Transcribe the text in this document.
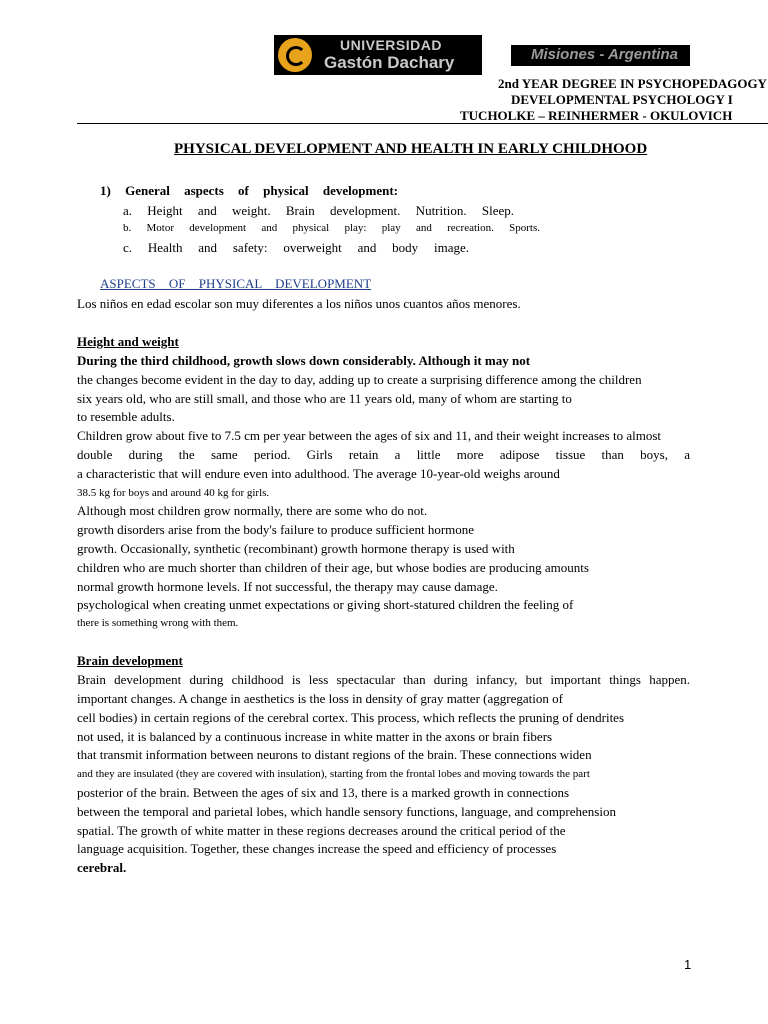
UNIVERSIDAD
Gastón Dachary	Misiones - Argentina
2nd YEAR DEGREE IN PSYCHOPEDAGOGY
DEVELOPMENTAL PSYCHOLOGY I
TUCHOLKE – REINHERMER - OKULOVICH
PHYSICAL DEVELOPMENT AND HEALTH IN EARLY CHILDHOOD
1) General aspects of physical development:
a. Height and weight. Brain development. Nutrition. Sleep.
b. Motor development and physical play: play and recreation. Sports.
c. Health and safety: overweight and body image.
ASPECTS OF PHYSICAL DEVELOPMENT
Los niños en edad escolar son muy diferentes a los niños unos cuantos años menores.
Height and weight
During the third childhood, growth slows down considerably. Although it may not
the changes become evident in the day to day, adding up to create a surprising difference among the children
six years old, who are still small, and those who are 11 years old, many of whom are starting to
to resemble adults.
Children grow about five to 7.5 cm per year between the ages of six and 11, and their weight increases to almost
double during the same period. Girls retain a little more adipose tissue than boys, a
a characteristic that will endure even into adulthood. The average 10-year-old weighs around
38.5 kg for boys and around 40 kg for girls.
Although most children grow normally, there are some who do not.
growth disorders arise from the body's failure to produce sufficient hormone
growth. Occasionally, synthetic (recombinant) growth hormone therapy is used with
children who are much shorter than children of their age, but whose bodies are producing amounts
normal growth hormone levels. If not successful, the therapy may cause damage.
psychological when creating unmet expectations or giving short-statured children the feeling of
there is something wrong with them.
Brain development
Brain development during childhood is less spectacular than during infancy, but important things happen.
important changes. A change in aesthetics is the loss in density of gray matter (aggregation of
cell bodies) in certain regions of the cerebral cortex. This process, which reflects the pruning of dendrites
not used, it is balanced by a continuous increase in white matter in the axons or brain fibers
that transmit information between neurons to distant regions of the brain. These connections widen
and they are insulated (they are covered with insulation), starting from the frontal lobes and moving towards the part
posterior of the brain. Between the ages of six and 13, there is a marked growth in connections
between the temporal and parietal lobes, which handle sensory functions, language, and comprehension
spatial. The growth of white matter in these regions decreases around the critical period of the
language acquisition. Together, these changes increase the speed and efficiency of processes
cerebral.
1
